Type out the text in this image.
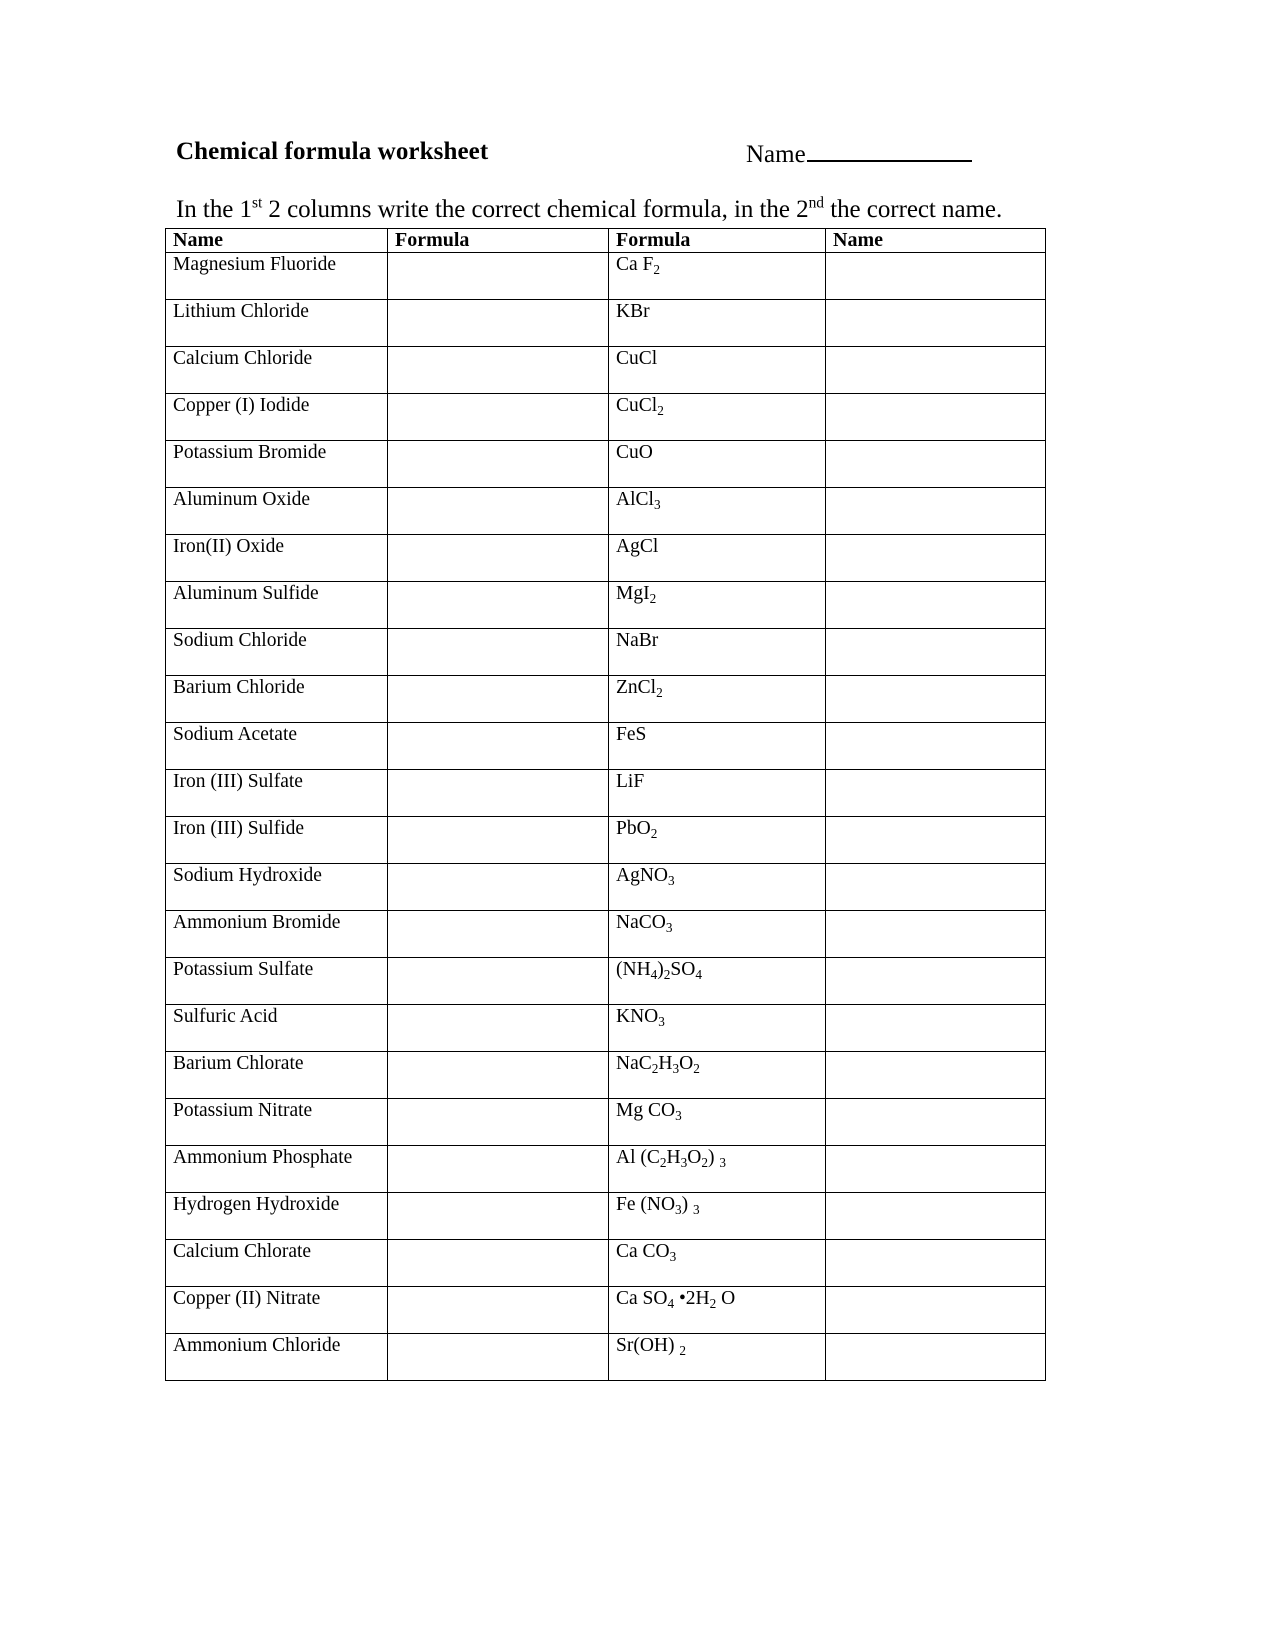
Chemical formula worksheet	Name
In the 1st 2 columns write the correct chemical formula, in the 2nd the correct name.
Name	Formula	Formula	Name

Magnesium Fluoride		Ca $F_2$

Lithium Chloride		KBr	

Calcium Chloride		CuCl	

Copper (I) Iodide		CuCl$_2$

Potassium Bromide		CuO	

Aluminum Oxide		AlCl$_3$

Iron(II) Oxide		AgCl	

Aluminum Sulfide		MgI$_2$

Sodium Chloride		NaBr	

Barium Chloride		ZnCl$_2$

Sodium Acetate		FeS	

Iron (III) Sulfate		LiF	

Iron (III) Sulfide		PbO$_2$

Sodium Hydroxide		AgNO$_3$

Ammonium Bromide		NaCO$_3$

Potassium Sulfate		$(NH_4)_2SO_4$

Sulfuric Acid		$KNO_3$

Barium Chlorate		$NaC_2H_3O_2$

Potassium Nitrate		Mg $CO_3$

Ammonium Phosphate		Al $(C_2H_3O_2)$ $_3$

Hydrogen Hydroxide		Fe $(NO_3)$ $_3$

Calcium Chlorate		Ca $CO_3$

Copper (II) Nitrate		Ca $SO_4$ $•2H_2$ O	

Ammonium Chloride		Sr(OH) $_2$
